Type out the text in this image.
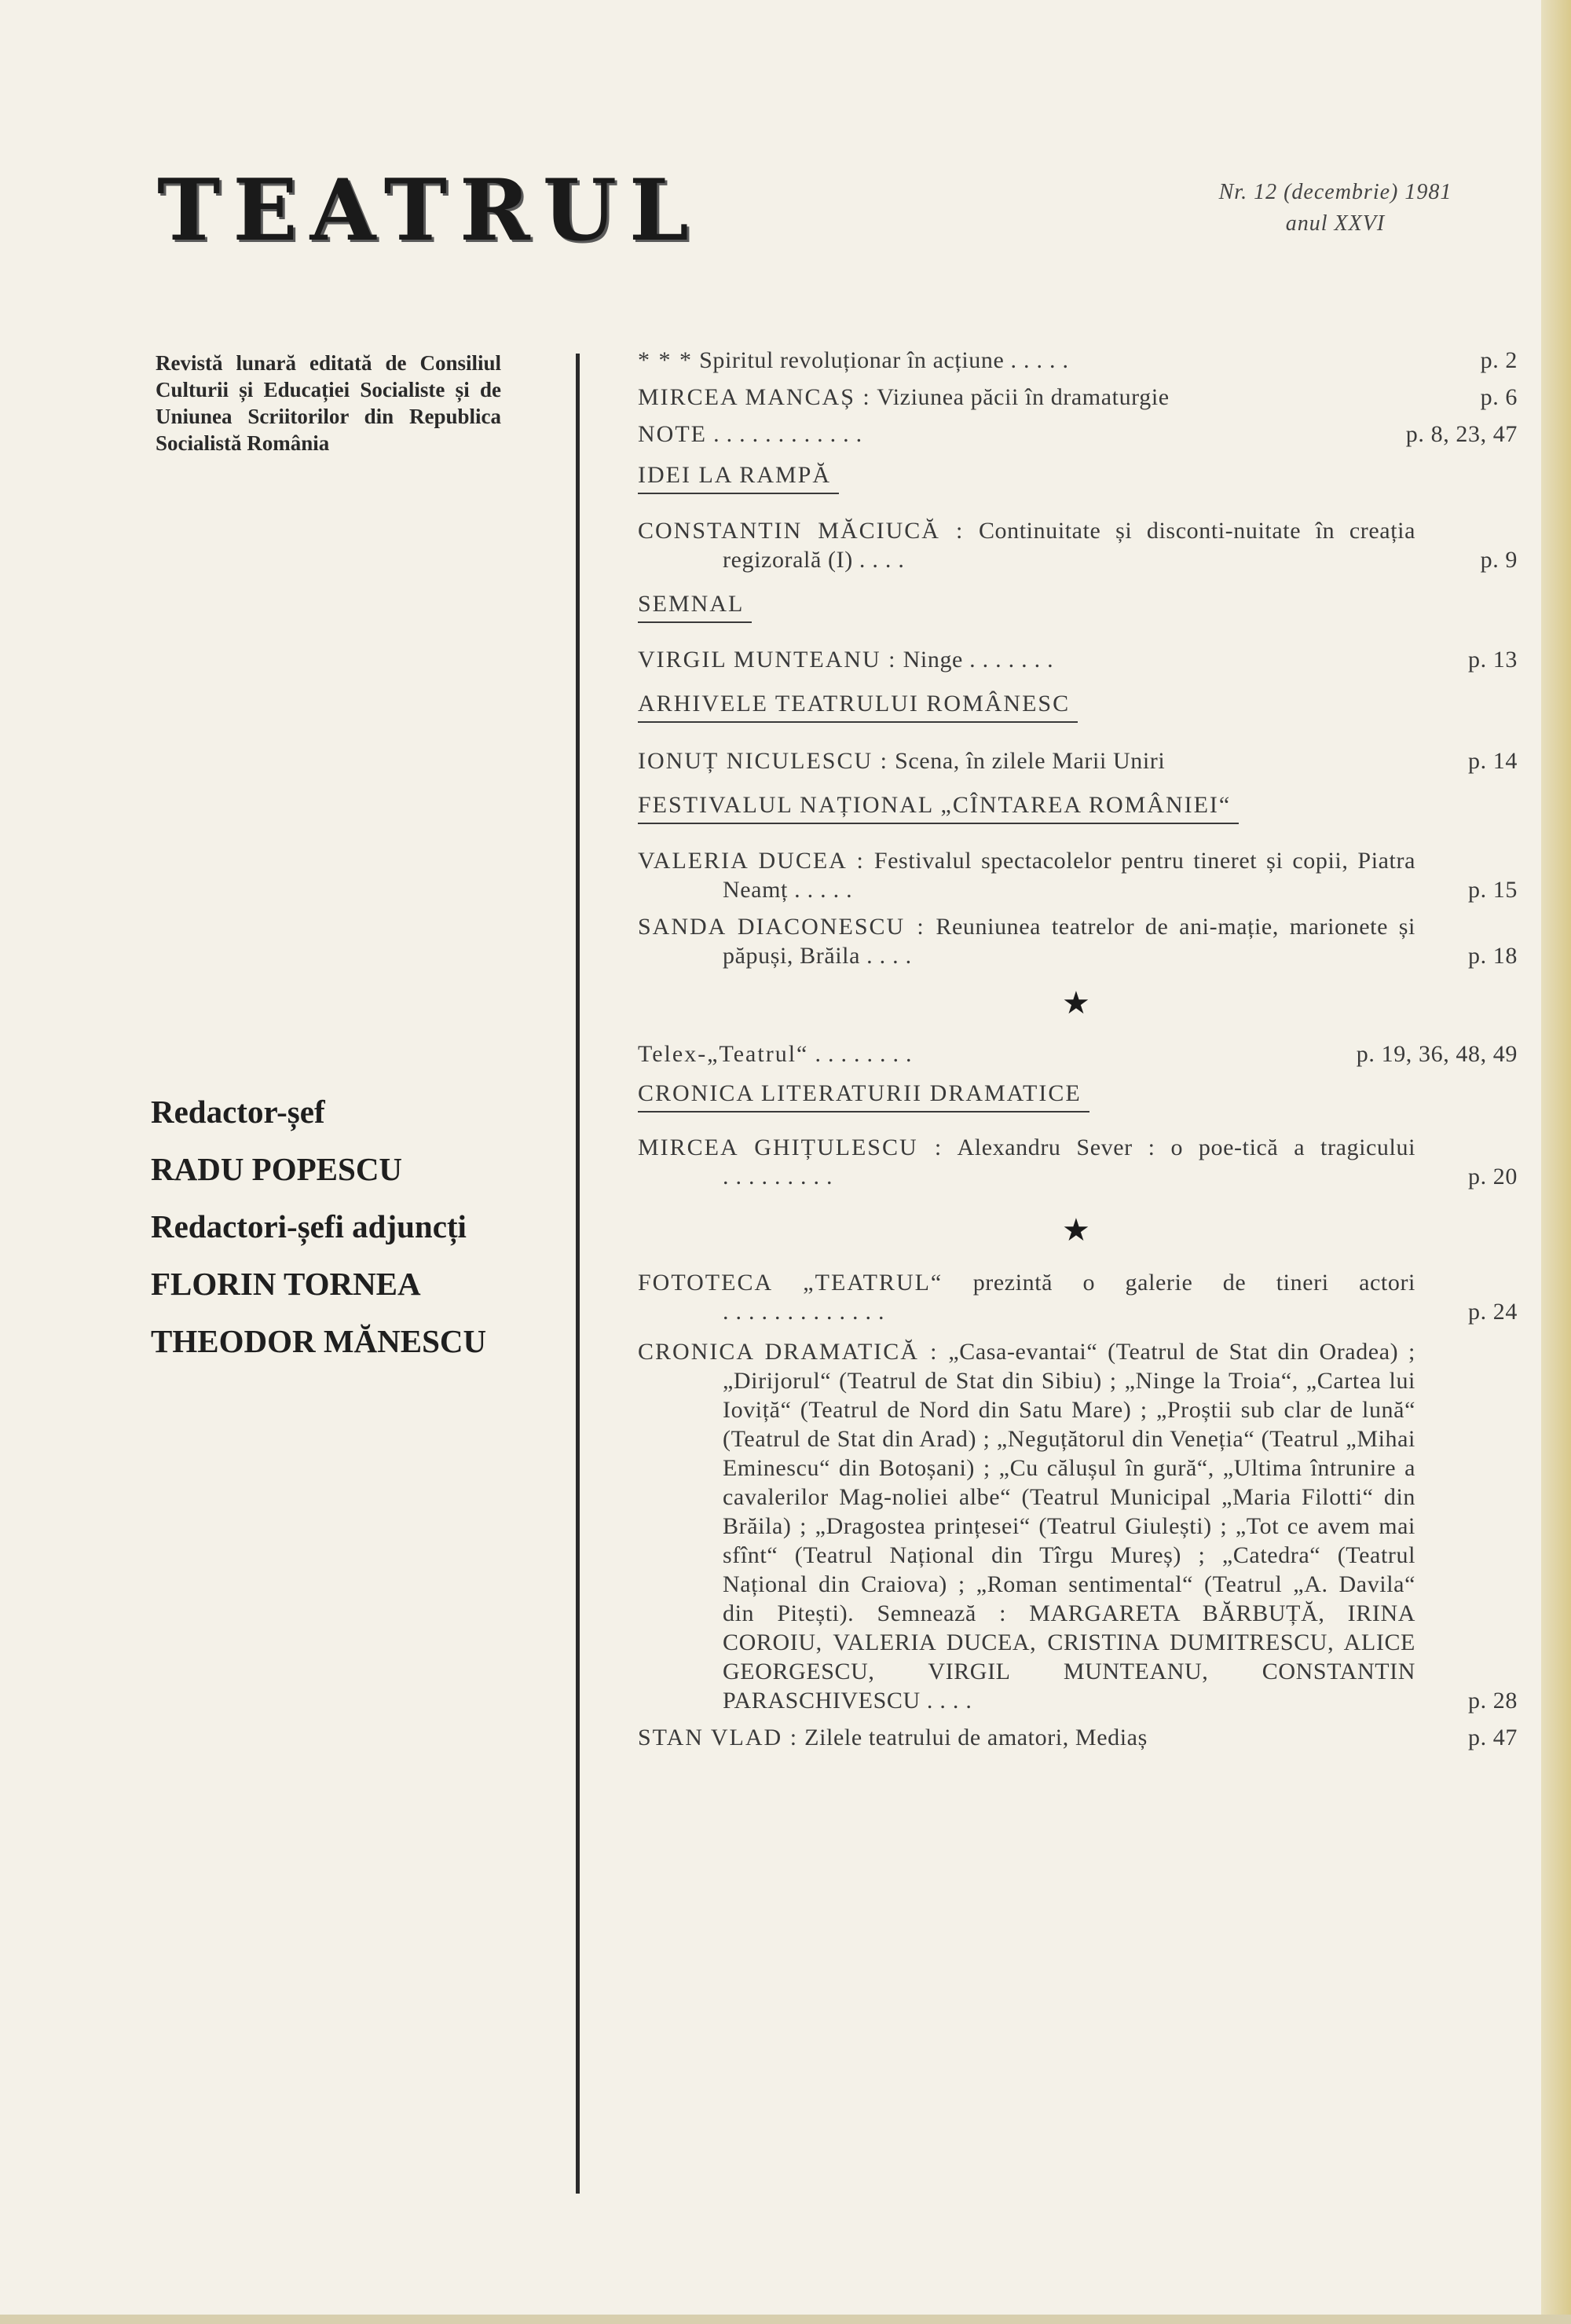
TEATRUL	Nr. 12 (decembrie) 1981
anul XXVI
Revistă lunară editată de Consiliul Culturii și Educației Socialiste și de Uniunea Scriitorilor din Republica Socialistă România
Redactor-șef
RADU POPESCU
Redactori-șefi adjuncți
FLORIN TORNEA
THEODOR MĂNESCU
* * * Spiritul revoluționar în acțiune .....	p. 2
MIRCEA MANCAȘ : Viziunea păcii în dramaturgie	p. 6
NOTE ............	p. 8, 23, 47
IDEI LA RAMPĂ
CONSTANTIN MĂCIUCĂ : Continuitate și disconti-nuitate în creația regizorală (I) ....	p. 9
SEMNAL
VIRGIL MUNTEANU : Ninge .......	p. 13
ARHIVELE TEATRULUI ROMÂNESC
IONUȚ NICULESCU : Scena, în zilele Marii Uniri	p. 14
FESTIVALUL NAȚIONAL „CÎNTAREA ROMÂNIEI“
VALERIA DUCEA : Festivalul spectacolelor pentru tineret și copii, Piatra Neamț .....	p. 15
SANDA DIACONESCU : Reuniunea teatrelor de ani-mație, marionete și păpuși, Brăila ....	p. 18
★
Telex-„Teatrul“ ........	p. 19, 36, 48, 49
CRONICA LITERATURII DRAMATICE
MIRCEA GHIȚULESCU : Alexandru Sever : o poe-tică a tragicului .........	p. 20
★
FOTOTECA „TEATRUL“ prezintă o galerie de tineri actori .............	p. 24
CRONICA DRAMATICĂ : „Casa-evantai“ (Teatrul de Stat din Oradea) ; „Dirijorul“ (Teatrul de Stat din Sibiu) ; „Ninge la Troia“, „Cartea lui Ioviță“ (Teatrul de Nord din Satu Mare) ; „Proștii sub clar de lună“ (Teatrul de Stat din Arad) ; „Neguțătorul din Veneția“ (Teatrul „Mihai Eminescu“ din Botoșani) ; „Cu călușul în gură“, „Ultima întrunire a cavalerilor Mag-noliei albe“ (Teatrul Municipal „Maria Filotti“ din Brăila) ; „Dragostea prințesei“ (Teatrul Giulești) ; „Tot ce avem mai sfînt“ (Teatrul Național din Tîrgu Mureș) ; „Catedra“ (Teatrul Național din Craiova) ; „Roman sentimental“ (Teatrul „A. Davila“ din Pitești). Semnează : MARGARETA BĂRBUȚĂ, IRINA COROIU, VALERIA DUCEA, CRISTINA DUMITRESCU, ALICE GEORGESCU, VIRGIL MUNTEANU, CONSTANTIN PARASCHIVESCU ....	p. 28
STAN VLAD : Zilele teatrului de amatori, Mediaș	p. 47
